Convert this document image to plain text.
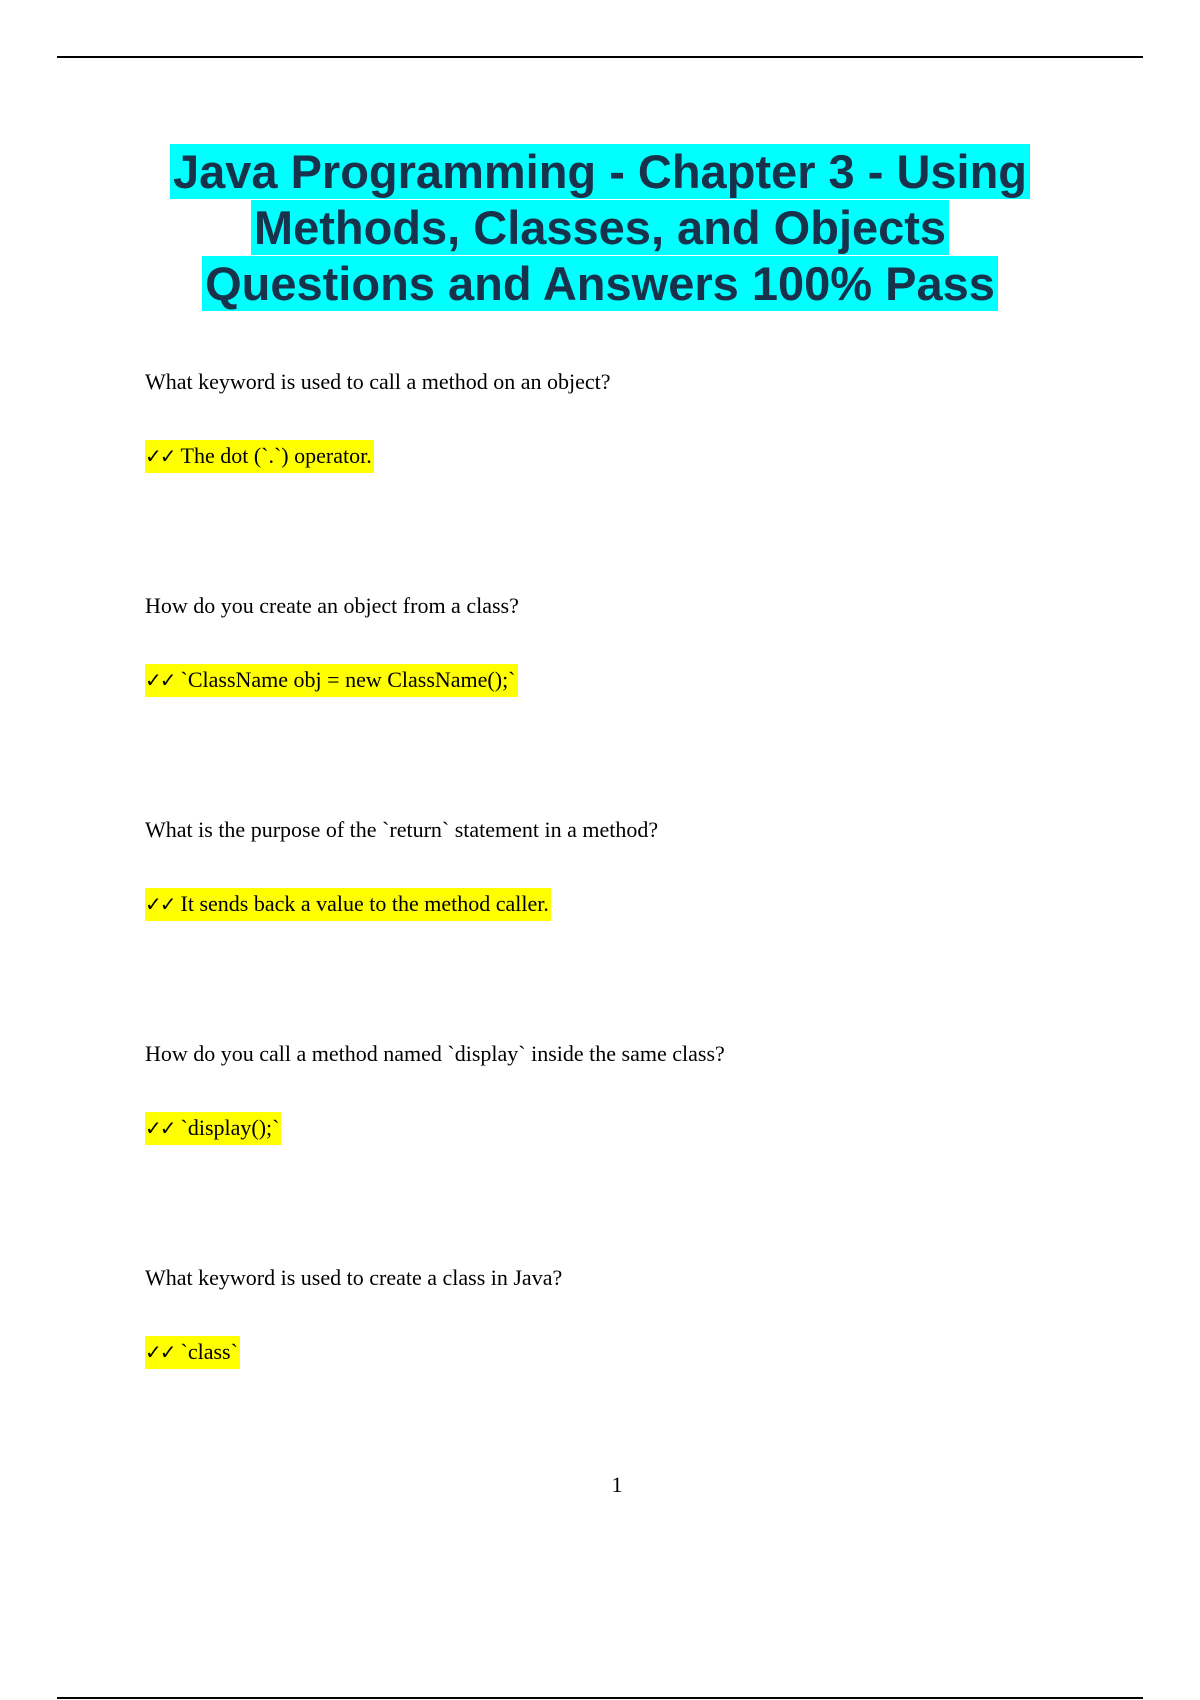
Java Programming - Chapter 3 - Using
Methods, Classes, and Objects
Questions and Answers 100% Pass
What keyword is used to call a method on an object?
✓✓ The dot (`.`) operator.
How do you create an object from a class?
✓✓ `ClassName obj = new ClassName();`
What is the purpose of the `return` statement in a method?
✓✓ It sends back a value to the method caller.
How do you call a method named `display` inside the same class?
✓✓ `display();`
What keyword is used to create a class in Java?
✓✓ `class`
1
